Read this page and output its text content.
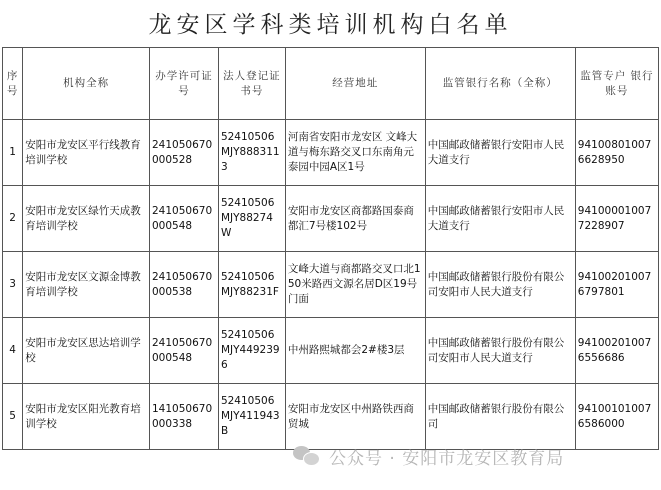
龙安区学科类培训机构白名单
序号	机构全称	办学许可证号	法人登记证书号	经营地址	监管银行名称（全称）	监管专户 银行账号
1	安阳市龙安区平行线教育培训学校	241050670000528	52410506MJY8883113	河南省安阳市龙安区 文峰大道与梅东路交叉口东南角元泰园中园A区1号	中国邮政储蓄银行安阳市人民大道支行	941008010076628950
2	安阳市龙安区绿竹天成教育培训学校	241050670000548	52410506MJY88274W	安阳市龙安区商都路国泰商都汇7号楼102号	中国邮政储蓄银行安阳市人民大道支行	941000010077228907
3	安阳市龙安区文源金博教育培训学校	241050670000538	52410506MJY88231F	文峰大道与商都路交叉口北150米路西文源名居D区19号门面	中国邮政储蓄银行股份有限公司安阳市人民大道支行	941002010076797801
4	安阳市龙安区思达培训学校	241050670000548	52410506MJY4492396	中州路熙城都会2#楼3层	中国邮政储蓄银行股份有限公司安阳市人民大道支行	941002010076556686
5	安阳市龙安区阳光教育培训学校	141050670000338	52410506MJY411943B	安阳市龙安区中州路铁西商贸城	中国邮政储蓄银行股份有限公司	941001010076586000
公众号 · 安阳市龙安区教育局
